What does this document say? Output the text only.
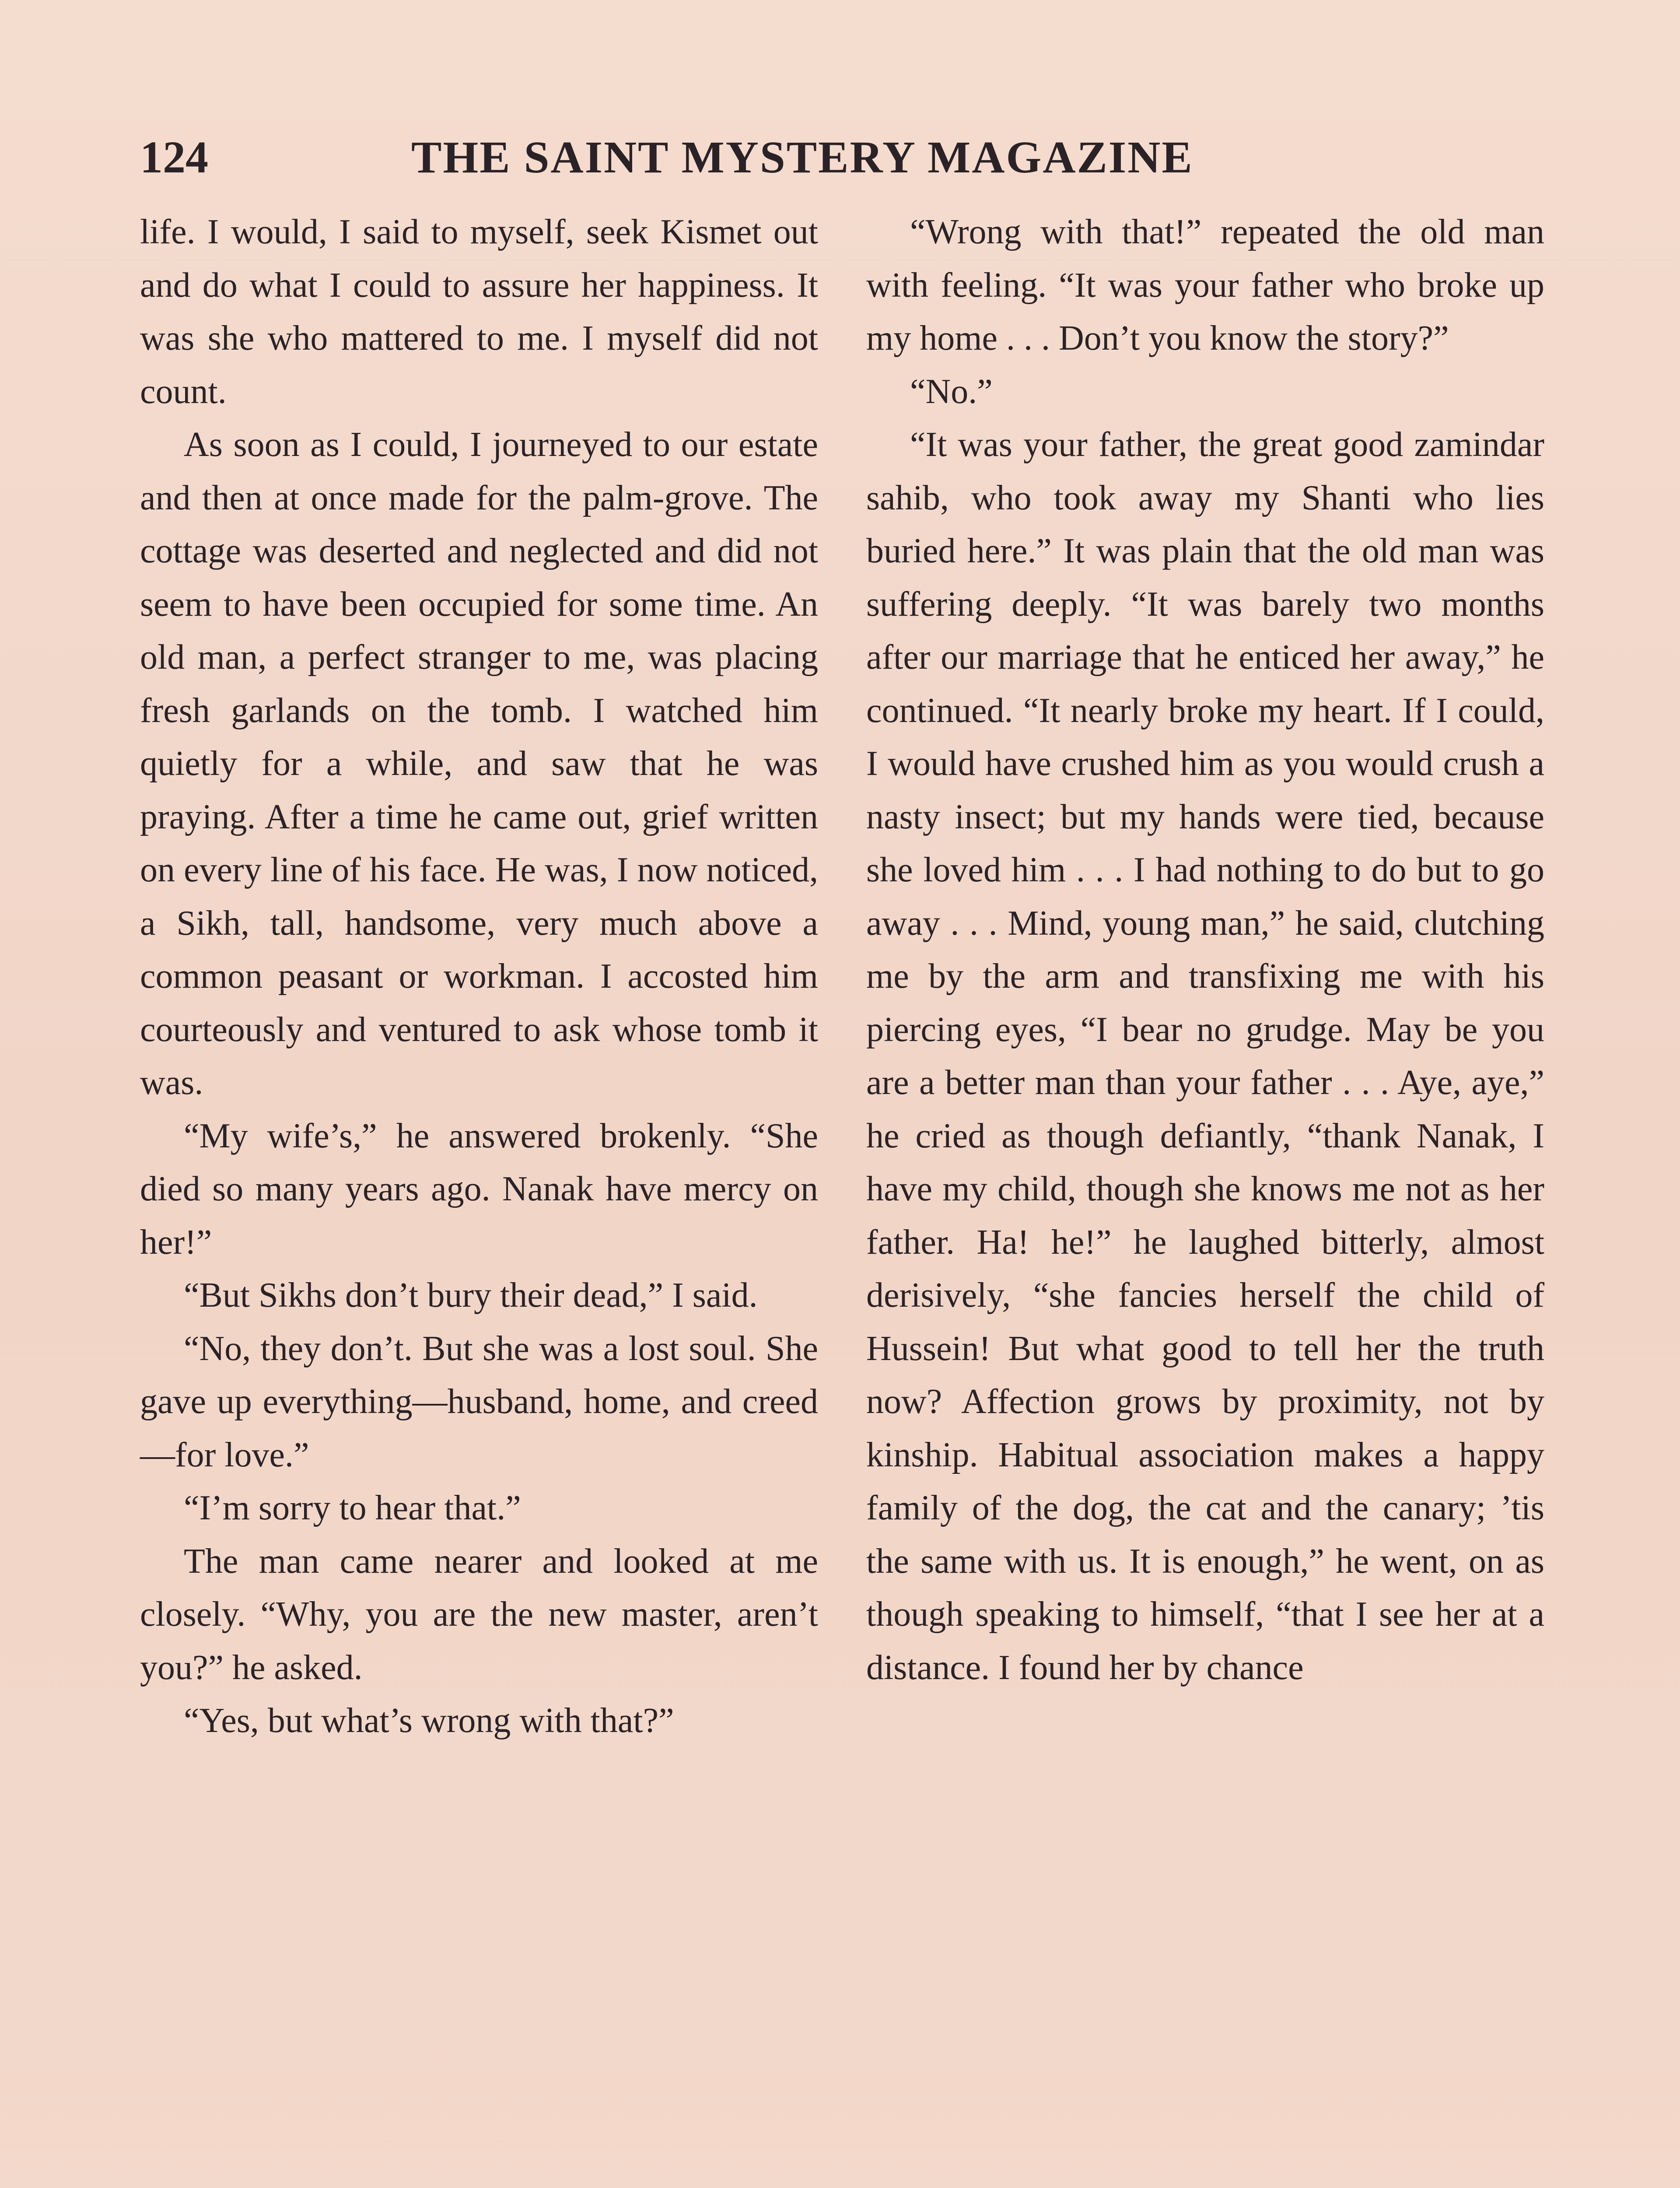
124	THE SAINT MYSTERY MAGAZINE

life. I would, I said to myself, seek Kismet out and do what I could to assure her happiness. It was she who mattered to me. I myself did not count.

As soon as I could, I journeyed to our estate and then at once made for the palm-grove. The cottage was deserted and neglected and did not seem to have been occupied for some time. An old man, a perfect stranger to me, was placing fresh garlands on the tomb. I watched him quietly for a while, and saw that he was praying. After a time he came out, grief written on every line of his face. He was, I now noticed, a Sikh, tall, handsome, very much above a common peasant or workman. I accosted him courteously and ventured to ask whose tomb it was.

“My wife’s,” he answered brokenly. “She died so many years ago. Nanak have mercy on her!”

“But Sikhs don’t bury their dead,” I said.

“No, they don’t. But she was a lost soul. She gave up everything—husband, home, and creed—for love.”

“I’m sorry to hear that.”

The man came nearer and looked at me closely. “Why, you are the new master, aren’t you?” he asked.

“Yes, but what’s wrong with that?”

“Wrong with that!” repeated the old man with feeling. “It was your father who broke up my home . . . Don’t you know the story?”

“No.”

“It was your father, the great good zamindar sahib, who took away my Shanti who lies buried here.” It was plain that the old man was suffering deeply. “It was barely two months after our marriage that he enticed her away,” he continued. “It nearly broke my heart. If I could, I would have crushed him as you would crush a nasty insect; but my hands were tied, because she loved him . . . I had nothing to do but to go away . . . Mind, young man,” he said, clutching me by the arm and transfixing me with his piercing eyes, “I bear no grudge. May be you are a better man than your father . . . Aye, aye,” he cried as though defiantly, “thank Nanak, I have my child, though she knows me not as her father. Ha! he!” he laughed bitterly, almost derisively, “she fancies herself the child of Hussein! But what good to tell her the truth now? Affection grows by proximity, not by kinship. Habitual association makes a happy family of the dog, the cat and the canary; ’tis the same with us. It is enough,” he went, on as though speaking to himself, “that I see her at a distance. I found her by chance
